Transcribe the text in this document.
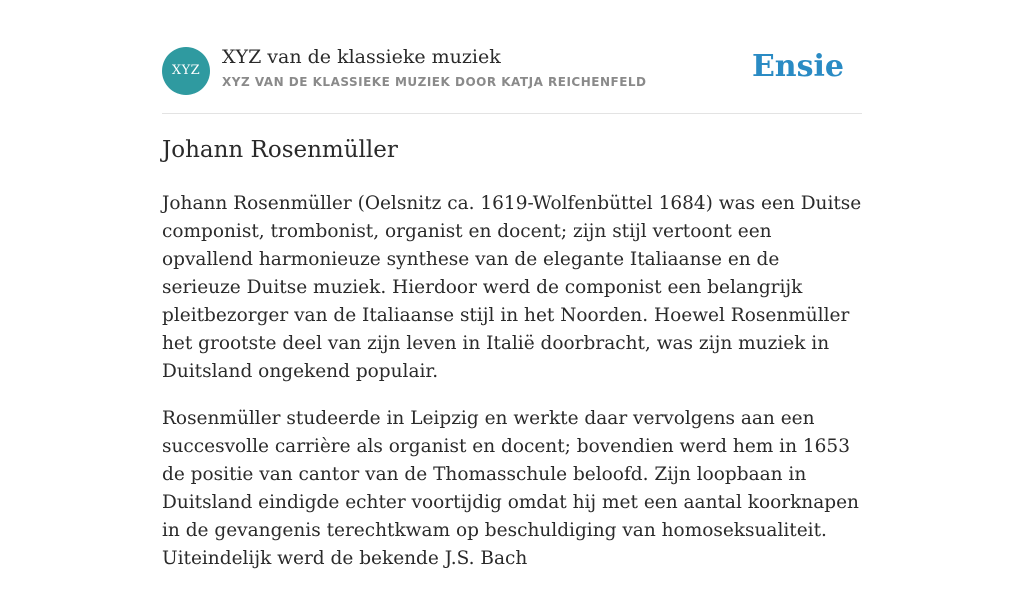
XYZ
XYZ van de klassieke muziek
XYZ VAN DE KLASSIEKE MUZIEK DOOR KATJA REICHENFELD	Ensie
Johann Rosenmüller

Johann Rosenmüller (Oelsnitz ca. 1619-Wolfenbüttel 1684) was een Duitse componist, trombonist, organist en docent; zijn stijl vertoont een opvallend harmonieuze synthese van de elegante Italiaanse en de serieuze Duitse muziek. Hierdoor werd de componist een belangrijk pleitbezorger van de Italiaanse stijl in het Noorden. Hoewel Rosenmüller het grootste deel van zijn leven in Italië doorbracht, was zijn muziek in Duitsland ongekend populair.

Rosenmüller studeerde in Leipzig en werkte daar vervolgens aan een succesvolle carrière als organist en docent; bovendien werd hem in 1653 de positie van cantor van de Thomasschule beloofd. Zijn loopbaan in Duitsland eindigde echter voortijdig omdat hij met een aantal koorknapen in de gevangenis terechtkwam op beschuldiging van homoseksualiteit. Uiteindelijk werd de bekende J.S. Bach
